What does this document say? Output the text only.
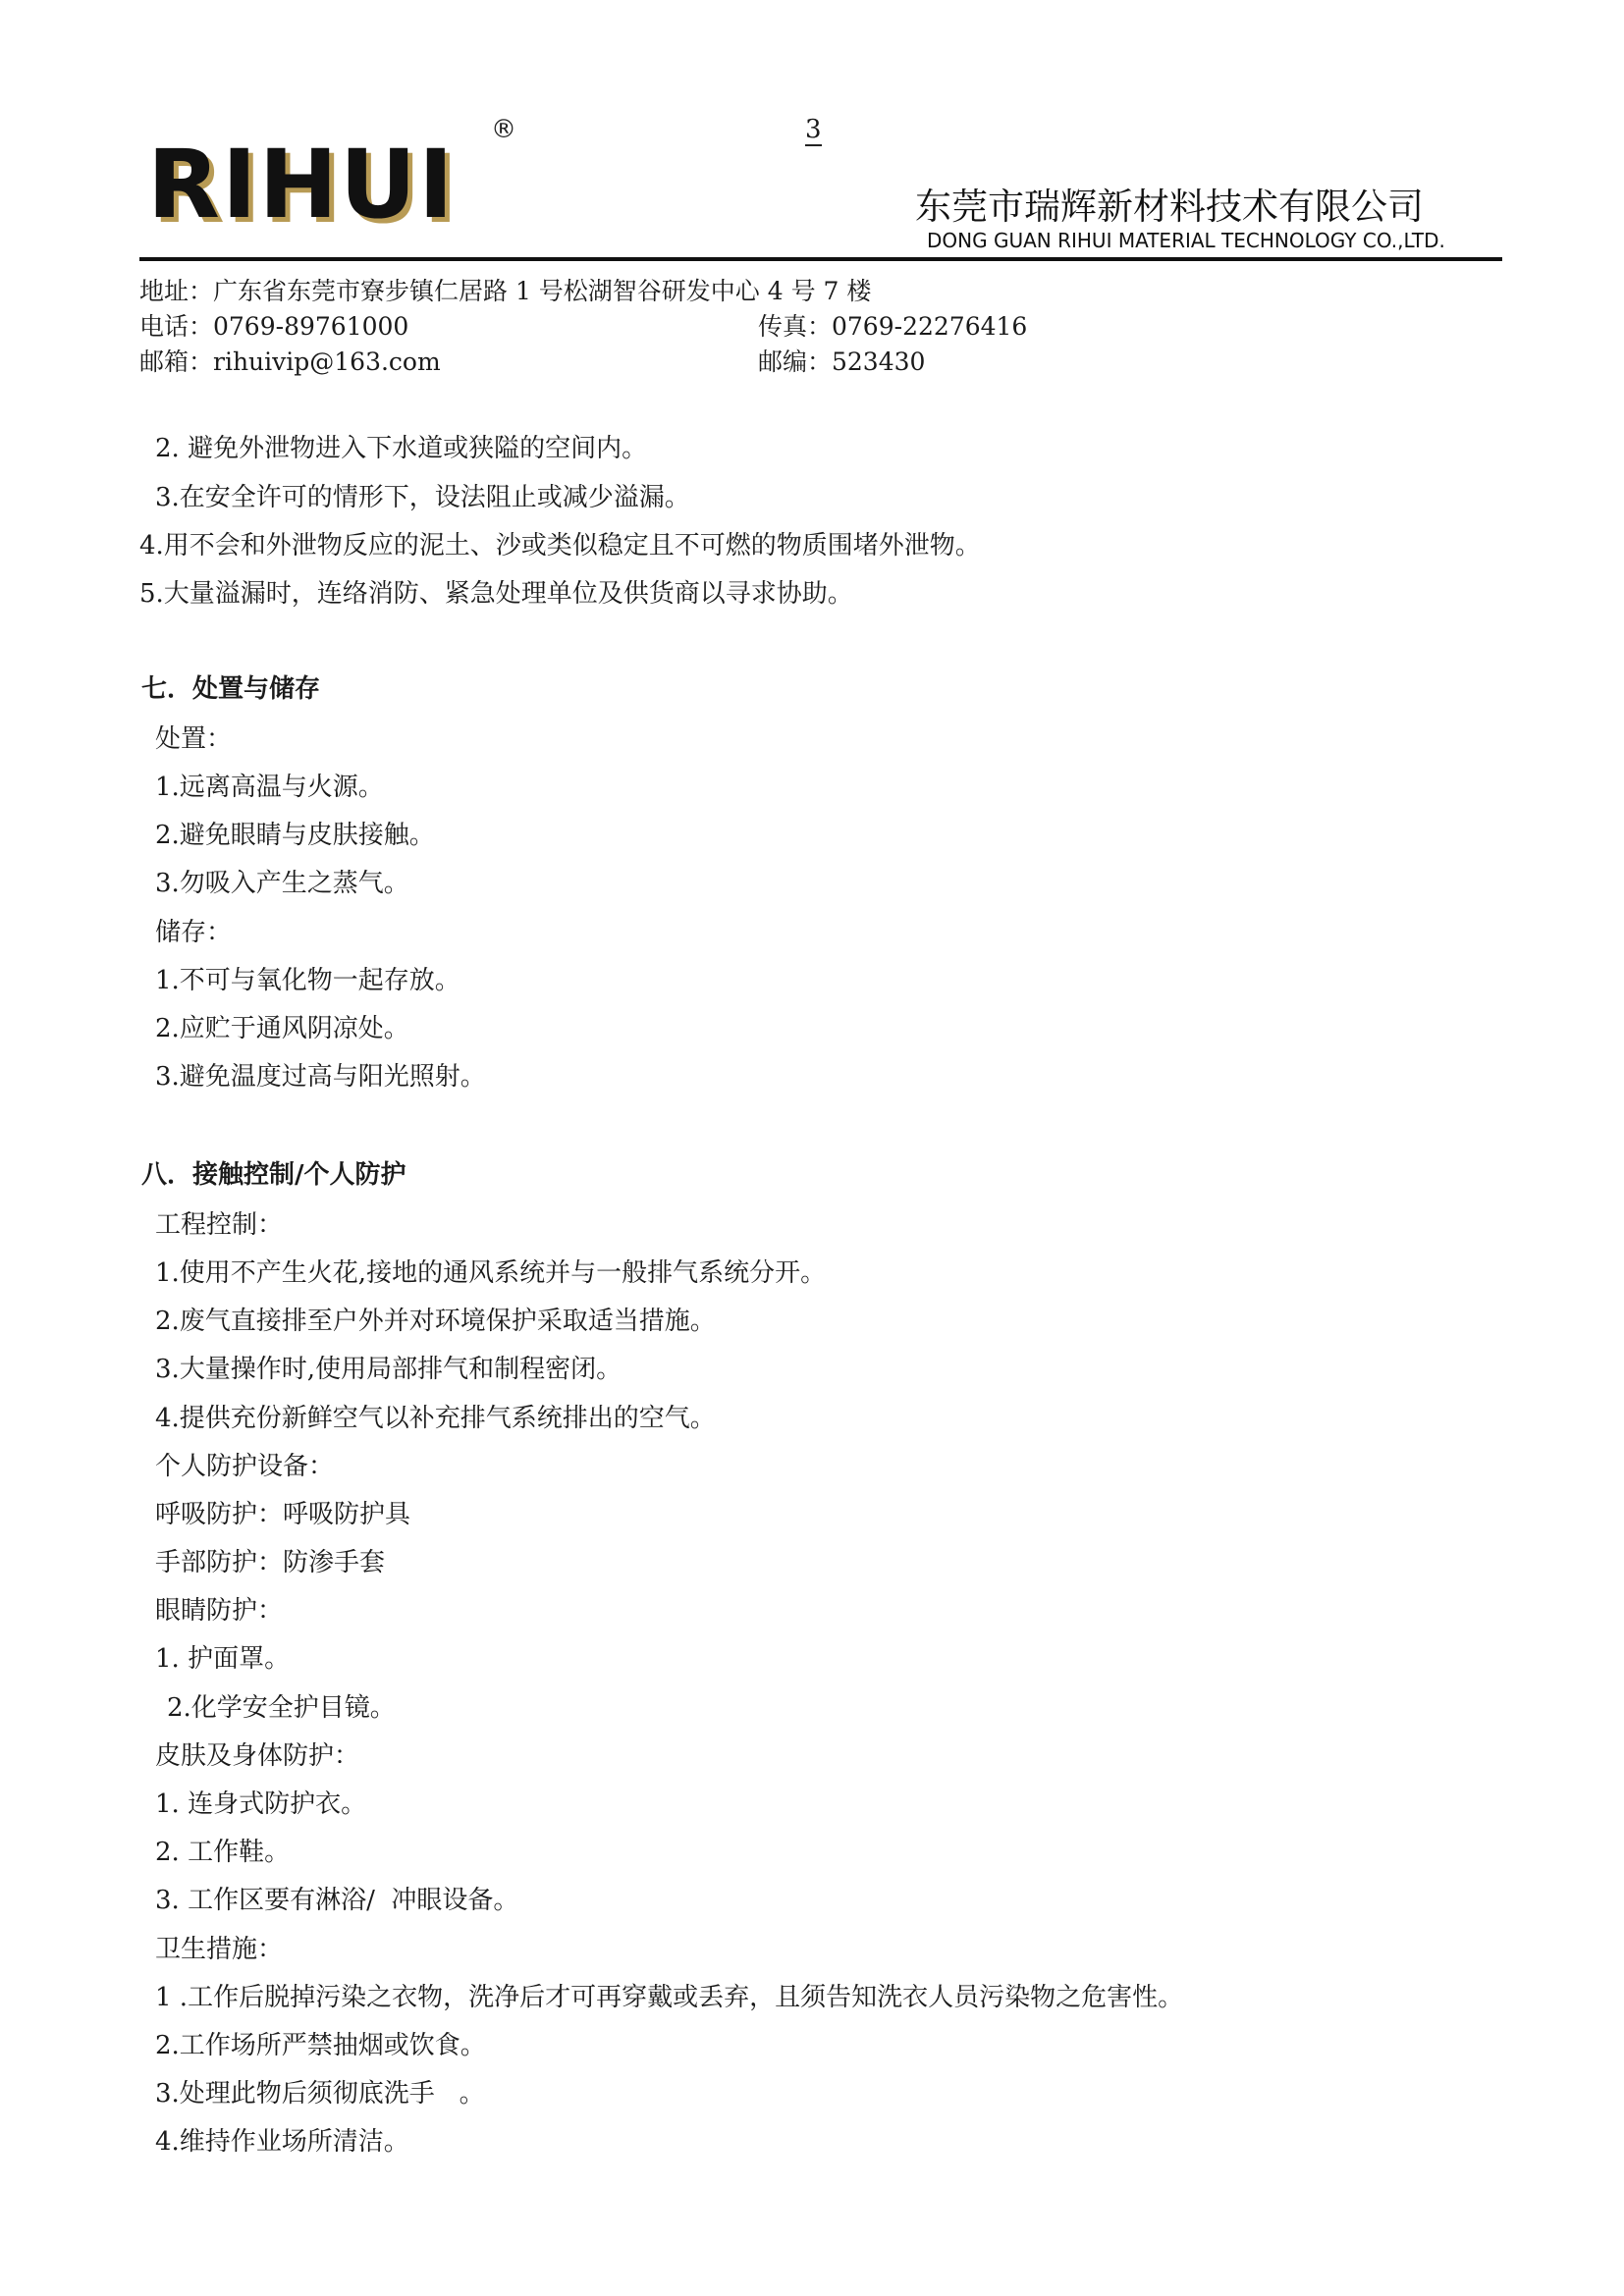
RIHUI ®	3
东莞市瑞辉新材料技术有限公司
DONG GUAN RIHUI MATERIAL TECHNOLOGY CO.,LTD.
地址：广东省东莞市寮步镇仁居路 1 号松湖智谷研发中心 4 号 7 楼
电话：0769-89761000	传真：0769-22276416
邮箱：rihuivip@163.com	邮编：523430
2. 避免外泄物进入下水道或狭隘的空间内。
3.在安全许可的情形下，设法阻止或减少溢漏。
4.用不会和外泄物反应的泥土、沙或类似稳定且不可燃的物质围堵外泄物。
5.大量溢漏时，连络消防、紧急处理单位及供货商以寻求协助。
七．处置与储存
处置：
1.远离高温与火源。
2.避免眼睛与皮肤接触。
3.勿吸入产生之蒸气。
储存：
1.不可与氧化物一起存放。
2.应贮于通风阴凉处。
3.避免温度过高与阳光照射。
八．接触控制/个人防护
工程控制：
1.使用不产生火花,接地的通风系统并与一般排气系统分开。
2.废气直接排至户外并对环境保护采取适当措施。
3.大量操作时,使用局部排气和制程密闭。
4.提供充份新鲜空气以补充排气系统排出的空气。
个人防护设备：
呼吸防护：呼吸防护具
手部防护：防渗手套
眼睛防护：
1. 护面罩。
2.化学安全护目镜。
皮肤及身体防护：
1. 连身式防护衣。
2. 工作鞋。
3. 工作区要有淋浴/  冲眼设备。
卫生措施：
1 .工作后脱掉污染之衣物，洗净后才可再穿戴或丢弃，且须告知洗衣人员污染物之危害性。
2.工作场所严禁抽烟或饮食。
3.处理此物后须彻底洗手   。
4.维持作业场所清洁。
